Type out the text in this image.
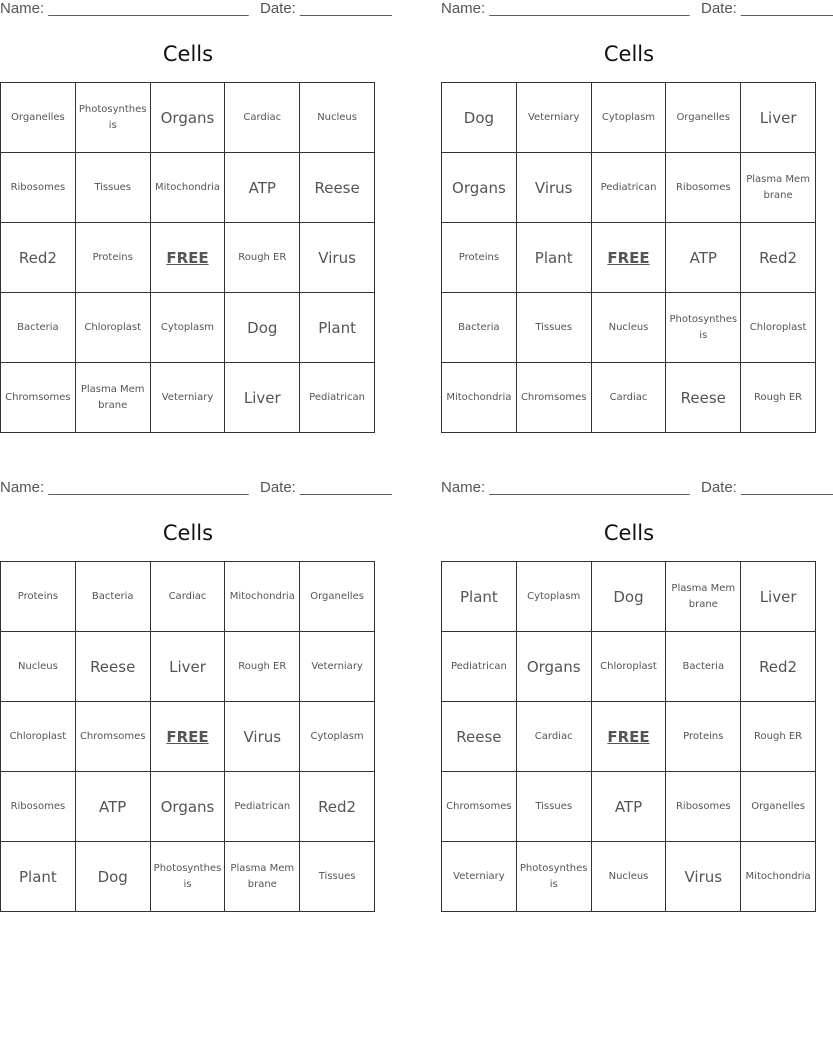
Name: ________________________ Date: ___________
Cells
Organelles	Photosynthesis	Organs	Cardiac	Nucleus
Ribosomes	Tissues	Mitochondria	ATP	Reese
Red2	Proteins	FREE	Rough ER	Virus
Bacteria	Chloroplast	Cytoplasm	Dog	Plant
Chromsomes	Plasma Membrane	Veterniary	Liver	Pediatrican
Name: ________________________ Date: ___________
Cells
Dog	Veterniary	Cytoplasm	Organelles	Liver
Organs	Virus	Pediatrican	Ribosomes	Plasma Membrane
Proteins	Plant	FREE	ATP	Red2
Bacteria	Tissues	Nucleus	Photosynthesis	Chloroplast
Mitochondria	Chromsomes	Cardiac	Reese	Rough ER
Name: ________________________ Date: ___________
Cells
Proteins	Bacteria	Cardiac	Mitochondria	Organelles
Nucleus	Reese	Liver	Rough ER	Veterniary
Chloroplast	Chromsomes	FREE	Virus	Cytoplasm
Ribosomes	ATP	Organs	Pediatrican	Red2
Plant	Dog	Photosynthesis	Plasma Membrane	Tissues
Name: ________________________ Date: ___________
Cells
Plant	Cytoplasm	Dog	Plasma Membrane	Liver
Pediatrican	Organs	Chloroplast	Bacteria	Red2
Reese	Cardiac	FREE	Proteins	Rough ER
Chromsomes	Tissues	ATP	Ribosomes	Organelles
Veterniary	Photosynthesis	Nucleus	Virus	Mitochondria
